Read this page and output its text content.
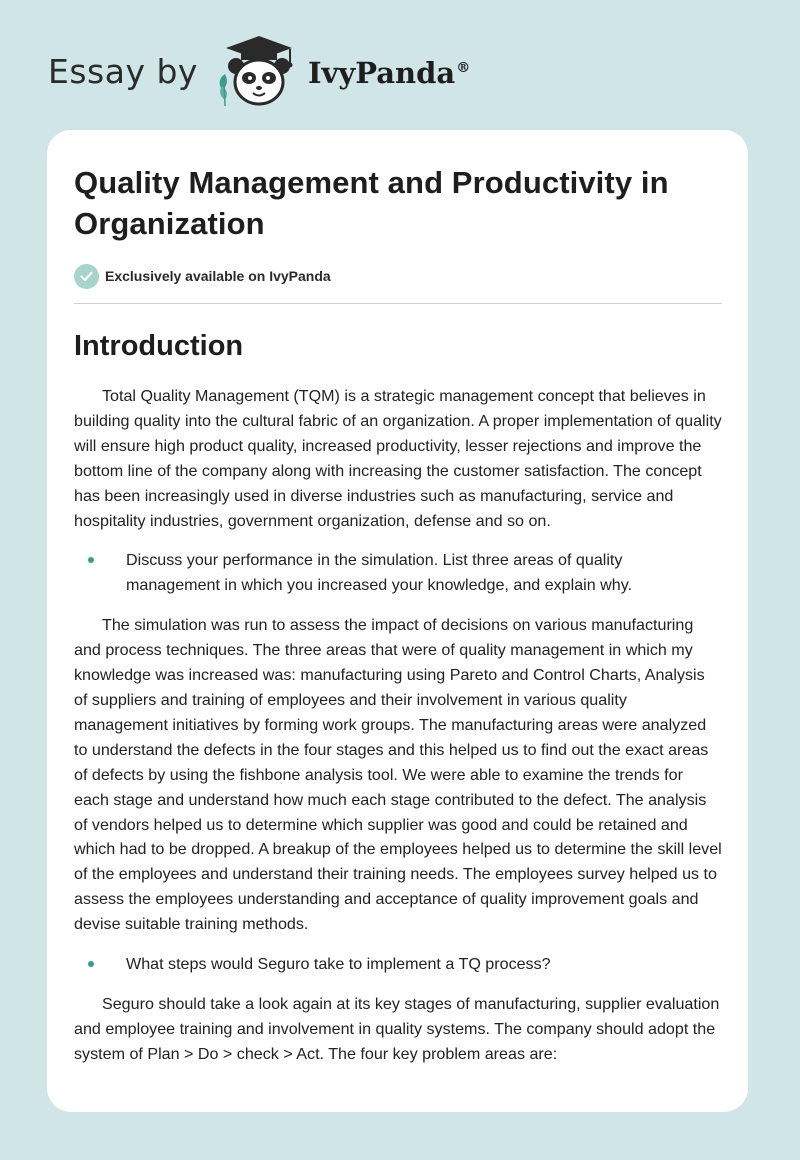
Essay by	IvyPanda®
Quality Management and Productivity in Organization
Exclusively available on IvyPanda
Introduction

Total Quality Management (TQM) is a strategic management concept that believes in building quality into the cultural fabric of an organization. A proper implementation of quality will ensure high product quality, increased productivity, lesser rejections and improve the bottom line of the company along with increasing the customer satisfaction. The concept has been increasingly used in diverse industries such as manufacturing, service and hospitality industries, government organization, defense and so on.

Discuss your performance in the simulation. List three areas of quality management in which you increased your knowledge, and explain why.

The simulation was run to assess the impact of decisions on various manufacturing and process techniques. The three areas that were of quality management in which my knowledge was increased was: manufacturing using Pareto and Control Charts, Analysis of suppliers and training of employees and their involvement in various quality management initiatives by forming work groups. The manufacturing areas were analyzed to understand the defects in the four stages and this helped us to find out the exact areas of defects by using the fishbone analysis tool. We were able to examine the trends for each stage and understand how much each stage contributed to the defect. The analysis of vendors helped us to determine which supplier was good and could be retained and which had to be dropped. A breakup of the employees helped us to determine the skill level of the employees and understand their training needs. The employees survey helped us to assess the employees understanding and acceptance of quality improvement goals and devise suitable training methods.

What steps would Seguro take to implement a TQ process?

Seguro should take a look again at its key stages of manufacturing, supplier evaluation and employee training and involvement in quality systems. The company should adopt the system of Plan > Do > check > Act. The four key problem areas are:
